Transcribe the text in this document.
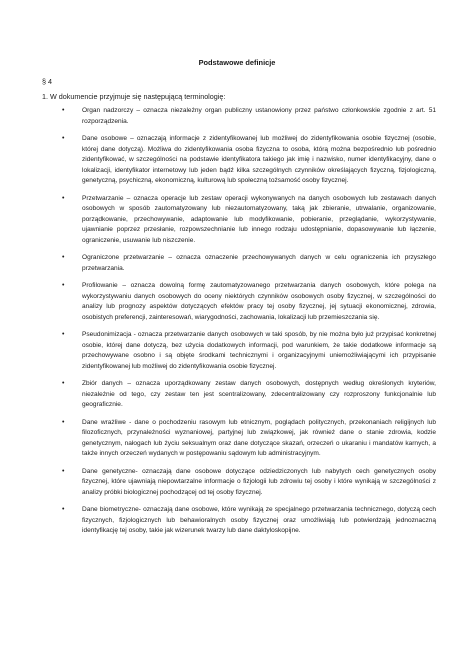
Podstawowe definicje
§ 4
1. W dokumencie przyjmuje się następującą terminologię:
•	Organ nadzorczy – oznacza niezależny organ publiczny ustanowiony przez państwo członkowskie zgodnie z art. 51 rozporządzenia.
•	Dane osobowe – oznaczają informacje z zidentyfikowanej lub możliwej do zidentyfikowania osobie fizycznej (osobie, której dane dotyczą). Możliwa do zidentyfikowania osoba fizyczna to osoba, którą można bezpośrednio lub pośrednio zidentyfikować, w szczególności na podstawie identyfikatora takiego jak imię i nazwisko, numer identyfikacyjny, dane o lokalizacji, identyfikator internetowy lub jeden bądź kilka szczególnych czynników określających fizyczną, fizjologiczną, genetyczną, psychiczną, ekonomiczną, kulturową lub społeczną tożsamość osoby fizycznej.
•	Przetwarzanie – oznacza operacje lub zestaw operacji wykonywanych na danych osobowych lub zestawach danych osobowych w sposób zautomatyzowany lub niezautomatyzowany, taką jak zbieranie, utrwalanie, organizowanie, porządkowanie, przechowywanie, adaptowanie lub modyfikowanie, pobieranie, przeglądanie, wykorzystywanie, ujawnianie poprzez przesłanie, rozpowszechnianie lub innego rodzaju udostępnianie, dopasowywanie lub łączenie, ograniczenie, usuwanie lub niszczenie.
•	Ograniczone przetwarzanie – oznacza oznaczenie przechowywanych danych w celu ograniczenia ich przyszłego przetwarzania.
•	Profilowanie – oznacza dowolną formę zautomatyzowanego przetwarzania danych osobowych, które polega na wykorzystywaniu danych osobowych do oceny niektórych czynników osobowych osoby fizycznej, w szczególności do analizy lub prognozy aspektów dotyczących efektów pracy tej osoby fizycznej, jej sytuacji ekonomicznej, zdrowia, osobistych preferencji, zainteresowań, wiarygodności, zachowania, lokalizacji lub przemieszczania się.
•	Pseudonimizacja - oznacza przetwarzanie danych osobowych w taki sposób, by nie można było już przypisać konkretnej osobie, której dane dotyczą, bez użycia dodatkowych informacji, pod warunkiem, że takie dodatkowe informacje są przechowywane osobno i są objęte środkami technicznymi i organizacyjnymi uniemożliwiającymi ich przypisanie zidentyfikowanej lub możliwej do zidentyfikowania osobie fizycznej.
•	Zbiór danych – oznacza uporządkowany zestaw danych osobowych, dostępnych według określonych kryteriów, niezależnie od tego, czy zestaw ten jest scentralizowany, zdecentralizowany czy rozproszony funkcjonalnie lub geograficznie.
•	Dane wrażliwe - dane o pochodzeniu rasowym lub etnicznym, poglądach politycznych, przekonaniach religijnych lub filozoficznych, przynależności wyznaniowej, partyjnej lub związkowej, jak również dane o stanie zdrowia, kodzie genetycznym, nałogach lub życiu seksualnym oraz dane dotyczące skazań, orzeczeń o ukaraniu i mandatów karnych, a także innych orzeczeń wydanych w postępowaniu sądowym lub administracyjnym.
•	Dane genetyczne- oznaczają dane osobowe dotyczące odziedziczonych lub nabytych cech genetycznych osoby fizycznej, które ujawniają niepowtarzalne informacje o fizjologii lub zdrowiu tej osoby i które wynikają w szczególności z analizy próbki biologicznej pochodzącej od tej osoby fizycznej.
•	Dane biometryczne- oznaczają dane osobowe, które wynikają ze specjalnego przetwarzania technicznego, dotyczą cech fizycznych, fizjologicznych lub behawioralnych osoby fizycznej oraz umożliwiają lub potwierdzają jednoznaczną identyfikację tej osoby, takie jak wizerunek twarzy lub dane daktyloskopijne.
